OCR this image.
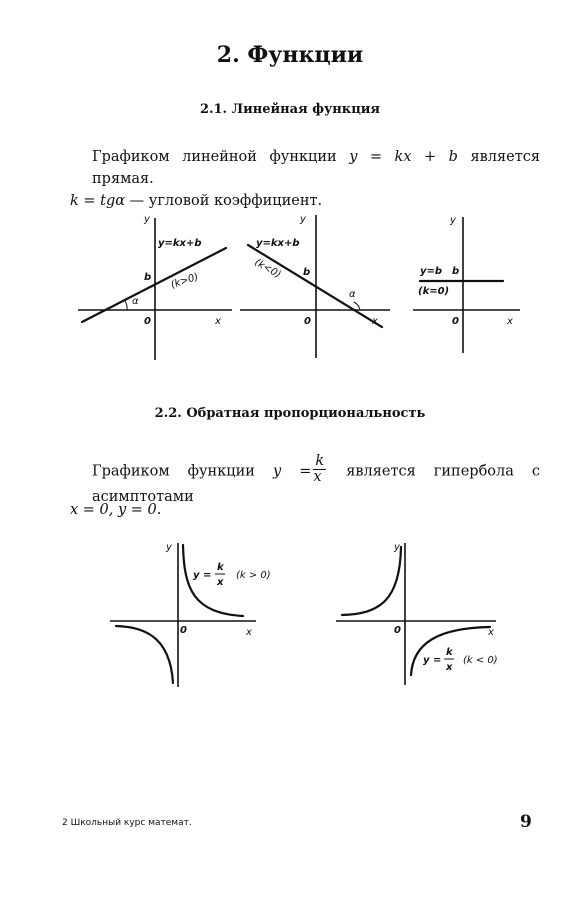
2. Функции
2.1. Линейная функция
Графиком линейной функции y = kx + b является прямая.
k = tgα — угловой коэффициент.
y
y=kx+b
(k>0)
b
α
0	x
y
y=kx+b
(k<0) b
α
0	x
y
y=b b
(k=0)
0	x
2.2. Обратная пропорциональность
Графиком функции $y = \frac{k}{x}$ является гипербола с асимптотами
x = 0, y = 0.
y
y =
k
x
(k > 0)
0	x
y
y =
k
x
(k < 0)
0	x
2 Школьный курс математ.	9
